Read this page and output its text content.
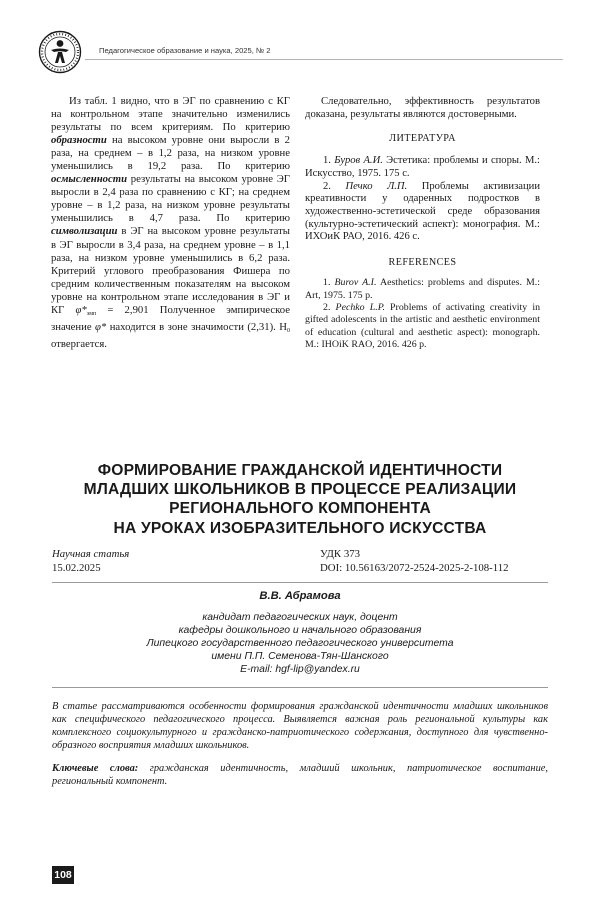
Педагогическое образование и наука, 2025, № 2

Из табл. 1 видно, что в ЭГ по сравнению с КГ на контрольном этапе значительно изменились результаты по всем критериям. По критерию образности на высоком уровне они выросли в 2 раза, на среднем – в 1,2 раза, на низком уровне уменьшились в 19,2 раза. По критерию осмысленности результаты на высоком уровне ЭГ выросли в 2,4 раза по сравнению с КГ; на среднем уровне – в 1,2 раза, на низком уровне результаты уменьшились в 4,7 раза. По критерию символизации в ЭГ на высоком уровне результаты в ЭГ выросли в 3,4 раза, на среднем уровне – в 1,1 раза, на низком уровне уменьшились в 6,2 раза. Критерий углового преобразования Фишера по средним количественным показателям на высоком уровне на контрольном этапе исследования в ЭГ и КГ $\varphi*_{эмп} = 2,901$ Полученное эмпирическое значение φ* находится в зоне значимости (2,31). $Н_0$ отвергается.

Следовательно, эффективность результатов доказана, результаты являются достоверными.

ЛИТЕРАТУРА

1. Буров А.И. Эстетика: проблемы и споры. М.: Искусство, 1975. 175 с.

2. Печко Л.П. Проблемы активизации креативности у одаренных подростков в художественно-эстетической среде образования (культурно-эстетический аспект): монография. М.: ИХОиК РАО, 2016. 426 с.

REFERENCES

1. Burov A.I. Aesthetics: problems and disputes. M.: Art, 1975. 175 p.

2. Pechko L.P. Problems of activating creativity in gifted adolescents in the artistic and aesthetic environment of education (cultural and aesthetic aspect): monograph. M.: IHOiK RAO, 2016. 426 p.

ФОРМИРОВАНИЕ ГРАЖДАНСКОЙ ИДЕНТИЧНОСТИ
МЛАДШИХ ШКОЛЬНИКОВ В ПРОЦЕССЕ РЕАЛИЗАЦИИ
РЕГИОНАЛЬНОГО КОМПОНЕНТА
НА УРОКАХ ИЗОБРАЗИТЕЛЬНОГО ИСКУССТВА
Научная статья
15.02.2025
УДК 373
DOI: 10.56163/2072-2524-2025-2-108-112
В.В. Абрамова
кандидат педагогических наук, доцент
кафедры дошкольного и начального образования
Липецкого государственного педагогического университета
имени П.П. Семенова-Тян-Шанского
E-mail: hgf-lip@yandex.ru
В статье рассматриваются особенности формирования гражданской идентичности младших школьников как специфического педагогического процесса. Выявляется важная роль региональной культуры как комплексного социокультурного и гражданско-патриотического содержания, доступного для чувственно-образного восприятия младших школьников.
Ключевые слова: гражданская идентичность, младший школьник, патриотическое воспитание, региональный компонент.
108
